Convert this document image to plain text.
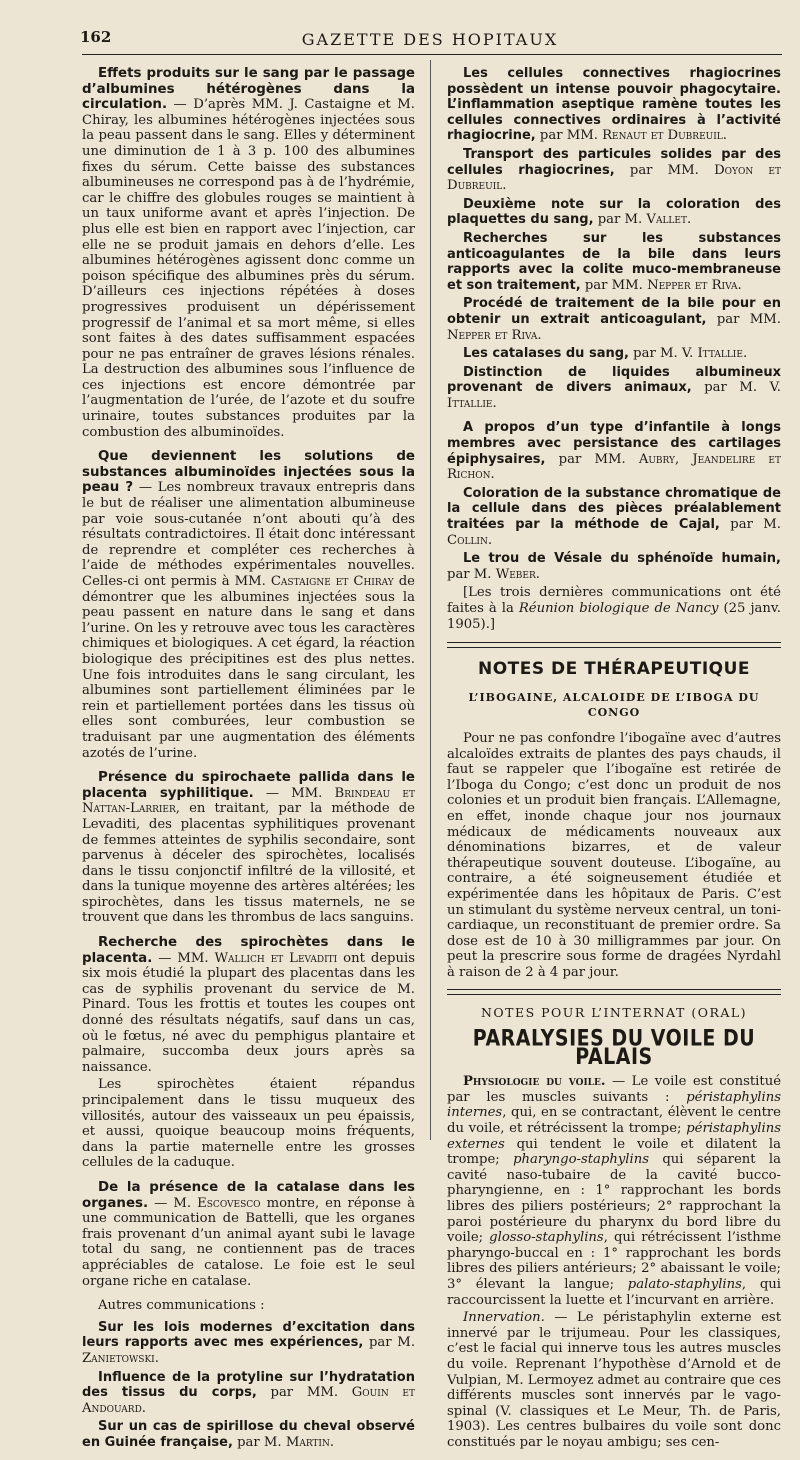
162	GAZETTE DES HOPITAUX

Effets produits sur le sang par le passage d’albumines hétérogènes dans la circulation. — D’après MM. J. Castaigne et M. Chiray, les albumines hétérogènes injectées sous la peau passent dans le sang. Elles y déterminent une diminution de 1 à 3 p. 100 des albumines fixes du sérum. Cette baisse des substances albumineuses ne correspond pas à de l’hydrémie, car le chiffre des globules rouges se maintient à un taux uniforme avant et après l’injection. De plus elle est bien en rapport avec l’injection, car elle ne se produit jamais en dehors d’elle. Les albumines hétérogènes agissent donc comme un poison spécifique des albumines près du sérum. D’ailleurs ces injections répétées à doses progressives produisent un dépérissement progressif de l’animal et sa mort même, si elles sont faites à des dates suffisamment espacées pour ne pas entraîner de graves lésions rénales. La destruction des albumines sous l’influence de ces injections est encore démontrée par l’augmentation de l’urée, de l’azote et du soufre urinaire, toutes substances produites par la combustion des albuminoïdes.

Que deviennent les solutions de substances albuminoïdes injectées sous la peau ? — Les nombreux travaux entrepris dans le but de réaliser une alimentation albumineuse par voie sous-cutanée n’ont abouti qu’à des résultats contradictoires. Il était donc intéressant de reprendre et compléter ces recherches à l’aide de méthodes expérimentales nouvelles. Celles-ci ont permis à MM. Castaigne et Chiray de démontrer que les albumines injectées sous la peau passent en nature dans le sang et dans l’urine. On les y retrouve avec tous les caractères chimiques et biologiques. A cet égard, la réaction biologique des précipitines est des plus nettes. Une fois introduites dans le sang circulant, les albumines sont partiellement éliminées par le rein et partiellement portées dans les tissus où elles sont comburées, leur combustion se traduisant par une augmentation des éléments azotés de l’urine.

Présence du spirochaete pallida dans le placenta syphilitique. — MM. Brindeau et Nattan-Larrier, en traitant, par la méthode de Levaditi, des placentas syphilitiques provenant de femmes atteintes de syphilis secondaire, sont parvenus à déceler des spirochètes, localisés dans le tissu conjonctif infiltré de la villosité, et dans la tunique moyenne des artères altérées; les spirochètes, dans les tissus maternels, ne se trouvent que dans les thrombus de lacs sanguins.

Recherche des spirochètes dans le placenta. — MM. Wallich et Levaditi ont depuis six mois étudié la plupart des placentas dans les cas de syphilis provenant du service de M. Pinard. Tous les frottis et toutes les coupes ont donné des résultats négatifs, sauf dans un cas, où le fœtus, né avec du pemphigus plantaire et palmaire, succomba deux jours après sa naissance.

Les spirochètes étaient répandus principalement dans le tissu muqueux des villosités, autour des vaisseaux un peu épaissis, et aussi, quoique beaucoup moins fréquents, dans la partie maternelle entre les grosses cellules de la caduque.

De la présence de la catalase dans les organes. — M. Escovesco montre, en réponse à une communication de Battelli, que les organes frais provenant d’un animal ayant subi le lavage total du sang, ne contiennent pas de traces appréciables de catalose. Le foie est le seul organe riche en catalase.

Autres communications :

Sur les lois modernes d’excitation dans leurs rapports avec mes expériences, par M. Zanietowski.

Influence de la protyline sur l’hydratation des tissus du corps, par MM. Gouin et Andouard.

Sur un cas de spirillose du cheval observé en Guinée française, par M. Martin.

Les cellules connectives rhagiocrines possèdent un intense pouvoir phagocytaire. L’inflammation aseptique ramène toutes les cellules connectives ordinaires à l’activité rhagiocrine, par MM. Renaut et Dubreuil.

Transport des particules solides par des cellules rhagiocrines, par MM. Doyon et Dubreuil.

Deuxième note sur la coloration des plaquettes du sang, par M. Vallet.

Recherches sur les substances anticoagulantes de la bile dans leurs rapports avec la colite muco-membraneuse et son traitement, par MM. Nepper et Riva.

Procédé de traitement de la bile pour en obtenir un extrait anticoagulant, par MM. Nepper et Riva.

Les catalases du sang, par M. V. Ittallie.

Distinction de liquides albumineux provenant de divers animaux, par M. V. Ittallie.

A propos d’un type d’infantile à longs membres avec persistance des cartilages épiphysaires, par MM. Aubry, Jeandelire et Richon.

Coloration de la substance chromatique de la cellule dans des pièces préalablement traitées par la méthode de Cajal, par M. Collin.

Le trou de Vésale du sphénoïde humain, par M. Weber.

[Les trois dernières communications ont été faites à la Réunion biologique de Nancy (25 janv. 1905).]

NOTES DE THÉRAPEUTIQUE
L’IBOGAINE, ALCALOIDE DE L’IBOGA DU CONGO

Pour ne pas confondre l’ibogaïne avec d’autres alcaloïdes extraits de plantes des pays chauds, il faut se rappeler que l’ibogaïne est retirée de l’Iboga du Congo; c’est donc un produit de nos colonies et un produit bien français. L’Allemagne, en effet, inonde chaque jour nos journaux médicaux de médicaments nouveaux aux dénominations bizarres, et de valeur thérapeutique souvent douteuse. L’ibogaïne, au contraire, a été soigneusement étudiée et expérimentée dans les hôpitaux de Paris. C’est un stimulant du système nerveux central, un toni-cardiaque, un reconstituant de premier ordre. Sa dose est de 10 à 30 milligrammes par jour. On peut la prescrire sous forme de dragées Nyrdahl à raison de 2 à 4 par jour.

NOTES POUR L’INTERNAT (ORAL)
PARALYSIES DU VOILE DU PALAIS

Physiologie du voile. — Le voile est constitué par les muscles suivants : péristaphylins internes, qui, en se contractant, élèvent le centre du voile, et rétrécissent la trompe; péristaphylins externes qui tendent le voile et dilatent la trompe; pharyngo-staphylins qui séparent la cavité naso-tubaire de la cavité bucco-pharyngienne, en : 1° rapprochant les bords libres des piliers postérieurs; 2° rapprochant la paroi postérieure du pharynx du bord libre du voile; glosso-staphylins, qui rétrécissent l’isthme pharyngo-buccal en : 1° rapprochant les bords libres des piliers antérieurs; 2° abaissant le voile; 3° élevant la langue; palato-staphylins, qui raccourcissent la luette et l’incurvant en arrière.

Innervation. — Le péristaphylin externe est innervé par le trijumeau. Pour les classiques, c’est le facial qui innerve tous les autres muscles du voile. Reprenant l’hypothèse d’Arnold et de Vulpian, M. Lermoyez admet au contraire que ces différents muscles sont innervés par le vago-spinal (V. classiques et Le Meur, Th. de Paris, 1903). Les centres bulbaires du voile sont donc constitués par le noyau ambigu; ses cen-
